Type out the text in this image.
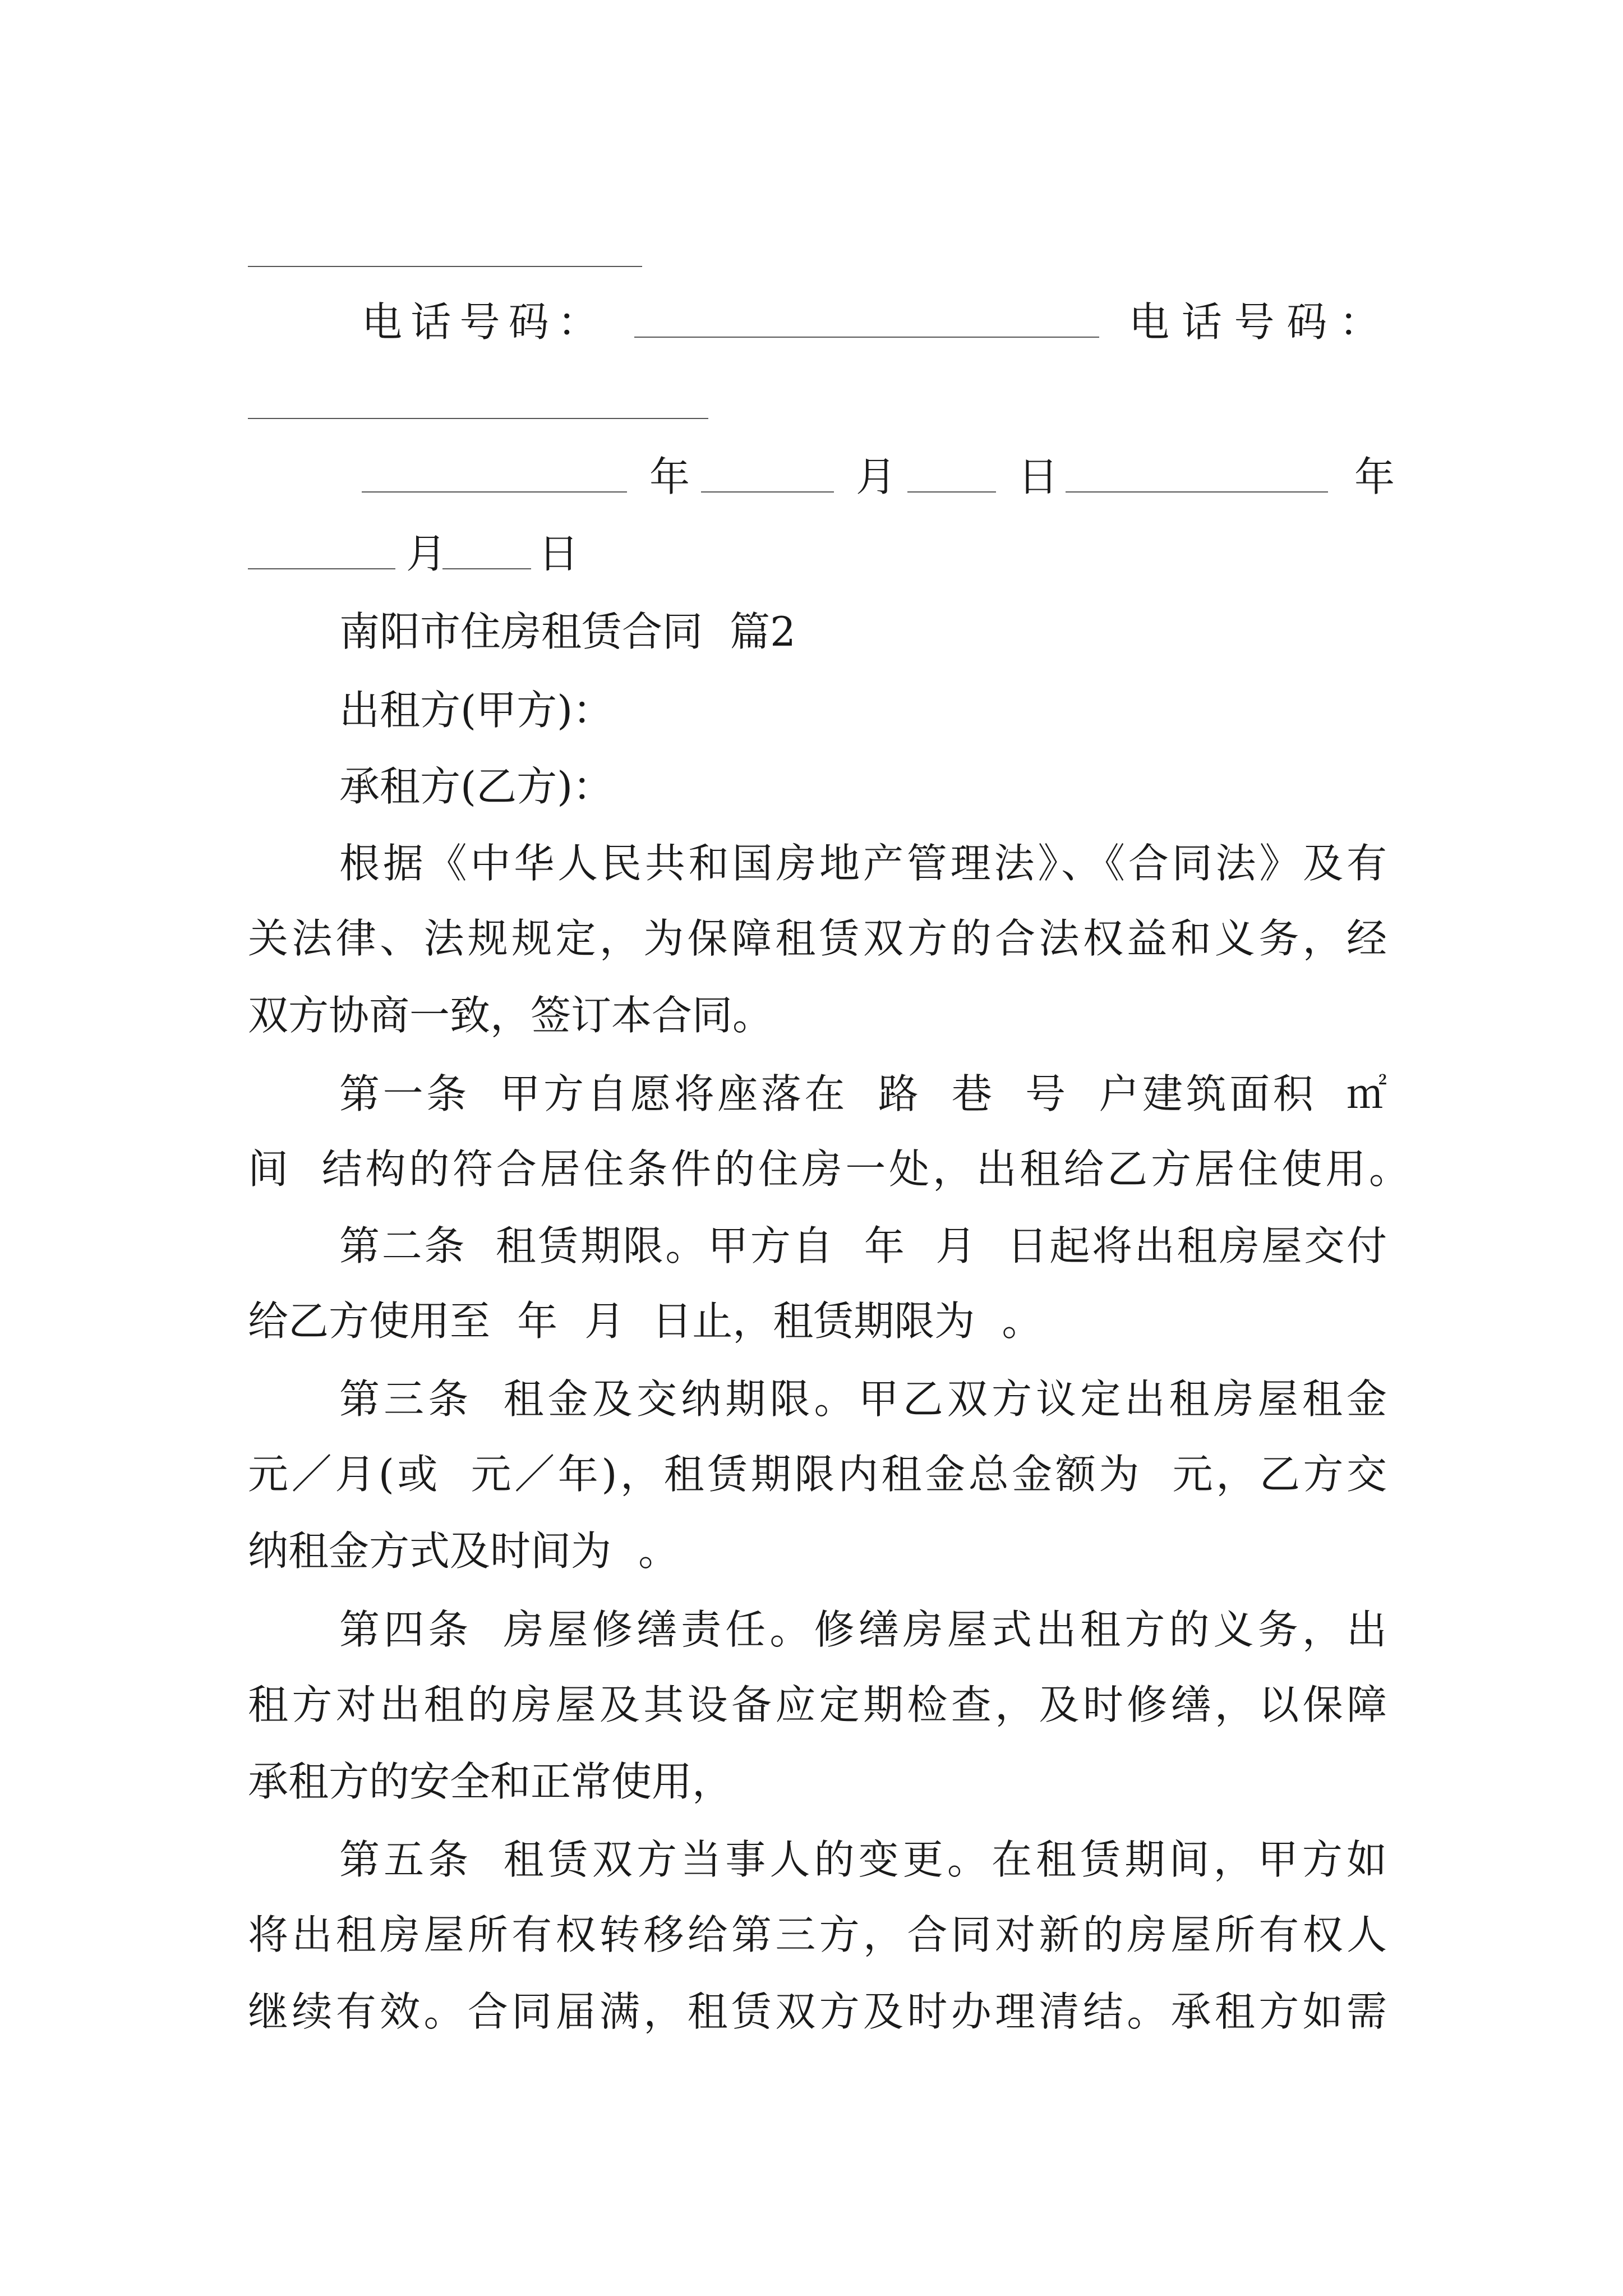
电话号码：	电话号码：
年	月	日	年
月 日
南阳市住房租赁合同 篇2
出租方(甲方)：
承租方(乙方)：
根据《中华人民共和国房地产管理法》、《合同法》及有
关法律、法规规定，为保障租赁双方的合法权益和义务，经
双方协商一致，签订本合同。
第一条 甲方自愿将座落在 路 巷 号 户建筑面积 ㎡
间 结构的符合居住条件的住房一处，出租给乙方居住使用。
第二条 租赁期限。甲方自 年 月 日起将出租房屋交付
给乙方使用至 年 月 日止，租赁期限为 。
第三条 租金及交纳期限。甲乙双方议定出租房屋租金
元／月(或 元／年)，租赁期限内租金总金额为 元，乙方交
纳租金方式及时间为 。
第四条 房屋修缮责任。修缮房屋式出租方的义务，出
租方对出租的房屋及其设备应定期检查，及时修缮，以保障
承租方的安全和正常使用，
第五条 租赁双方当事人的变更。在租赁期间，甲方如
将出租房屋所有权转移给第三方，合同对新的房屋所有权人
继续有效。合同届满，租赁双方及时办理清结。承租方如需
